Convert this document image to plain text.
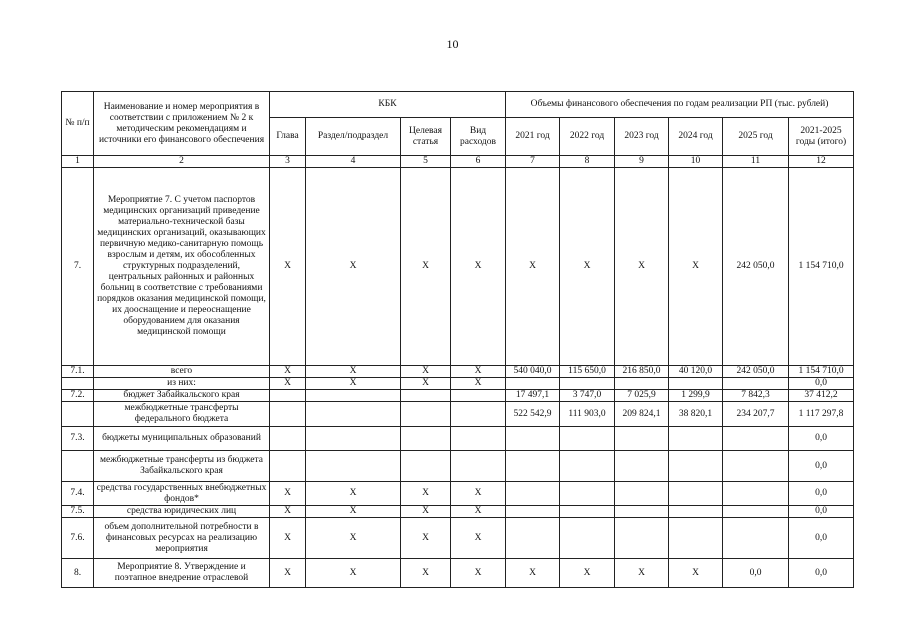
10
№ п/п	Наименование и номер мероприятия в соответствии с приложением № 2 к методическим рекомендациям и источники его финансового обеспечения	КБК				Объемы финансового обеспечения по годам реализации РП (тыс. рублей)					
		Глава	Раздел/подраздел	Целевая статья	Вид расходов	2021 год	2022 год	2023 год	2024 год	2025 год	2021-2025 годы (итого)
1	2	3	4	5	6	7	8	9	10	11	12
7.	Мероприятие 7. С учетом паспортов медицинских организаций приведение материально-технической базы медицинских организаций, оказывающих первичную медико-санитарную помощь взрослым и детям, их обособленных структурных подразделений, центральных районных и районных больниц в соответствие с требованиями порядков оказания медицинской помощи, их дооснащение и переоснащение оборудованием для оказания медицинской помощи	X	X	X	X	X	X	X	X	242 050,0	1 154 710,0
7.1.	всего	X	X	X	X	540 040,0	115 650,0	216 850,0	40 120,0	242 050,0	1 154 710,0
	из них:	X	X	X	X						0,0
7.2.	бюджет Забайкальского края					17 497,1	3 747,0	7 025,9	1 299,9	7 842,3	37 412,2
	межбюджетные трансферты федерального бюджета					522 542,9	111 903,0	209 824,1	38 820,1	234 207,7	1 117 297,8
7.3.	бюджеты муниципальных образований										0,0
	межбюджетные трансферты из бюджета Забайкальского края										0,0
7.4.	средства государственных внебюджетных фондов*	X	X	X	X						0,0
7.5.	средства юридических лиц	X	X	X	X						0,0
7.6.	объем дополнительной потребности в финансовых ресурсах на реализацию мероприятия	X	X	X	X						0,0
8.	Мероприятие 8. Утверждение и поэтапное внедрение отраслевой	X	X	X	X	X	X	X	X	0,0	0,0
